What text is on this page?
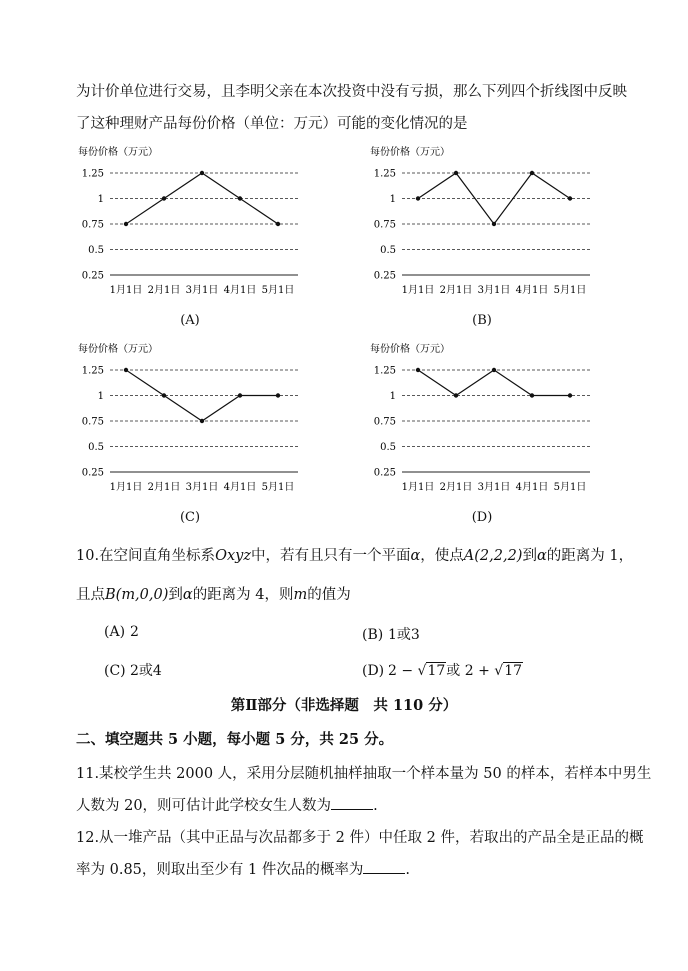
为计价单位进行交易，且李明父亲在本次投资中没有亏损，那么下列四个折线图中反映
了这种理财产品每份价格（单位：万元）可能的变化情况的是
每份价格（万元）
1.25
1
0.75
0.5
0.25
1月1日 2月1日 3月1日 4月1日 5月1日
(A)
每份价格（万元）
1.25
1
0.75
0.5
0.25
1月1日 2月1日 3月1日 4月1日 5月1日
(B)
每份价格（万元）
1.25
1
0.75
0.5
0.25
1月1日 2月1日 3月1日 4月1日 5月1日
(C)
每份价格（万元）
1.25
1
0.75
0.5
0.25
1月1日 2月1日 3月1日 4月1日 5月1日
(D)
10.在空间直角坐标系Oxyz中，若有且只有一个平面α，使点A(2,2,2)到α的距离为 1，
且点B(m,0,0)到α的距离为 4，则m的值为
(A) 2	(B) 1或3
(C) 2或4	(D) 2 − √17或 2 + √17
第Ⅱ部分（非选择题　共 110 分）
二、填空题共 5 小题，每小题 5 分，共 25 分。
11.某校学生共 2000 人，采用分层随机抽样抽取一个样本量为 50 的样本，若样本中男生
人数为 20，则可估计此学校女生人数为	.
12.从一堆产品（其中正品与次品都多于 2 件）中任取 2 件，若取出的产品全是正品的概
率为 0.85，则取出至少有 1 件次品的概率为	.
